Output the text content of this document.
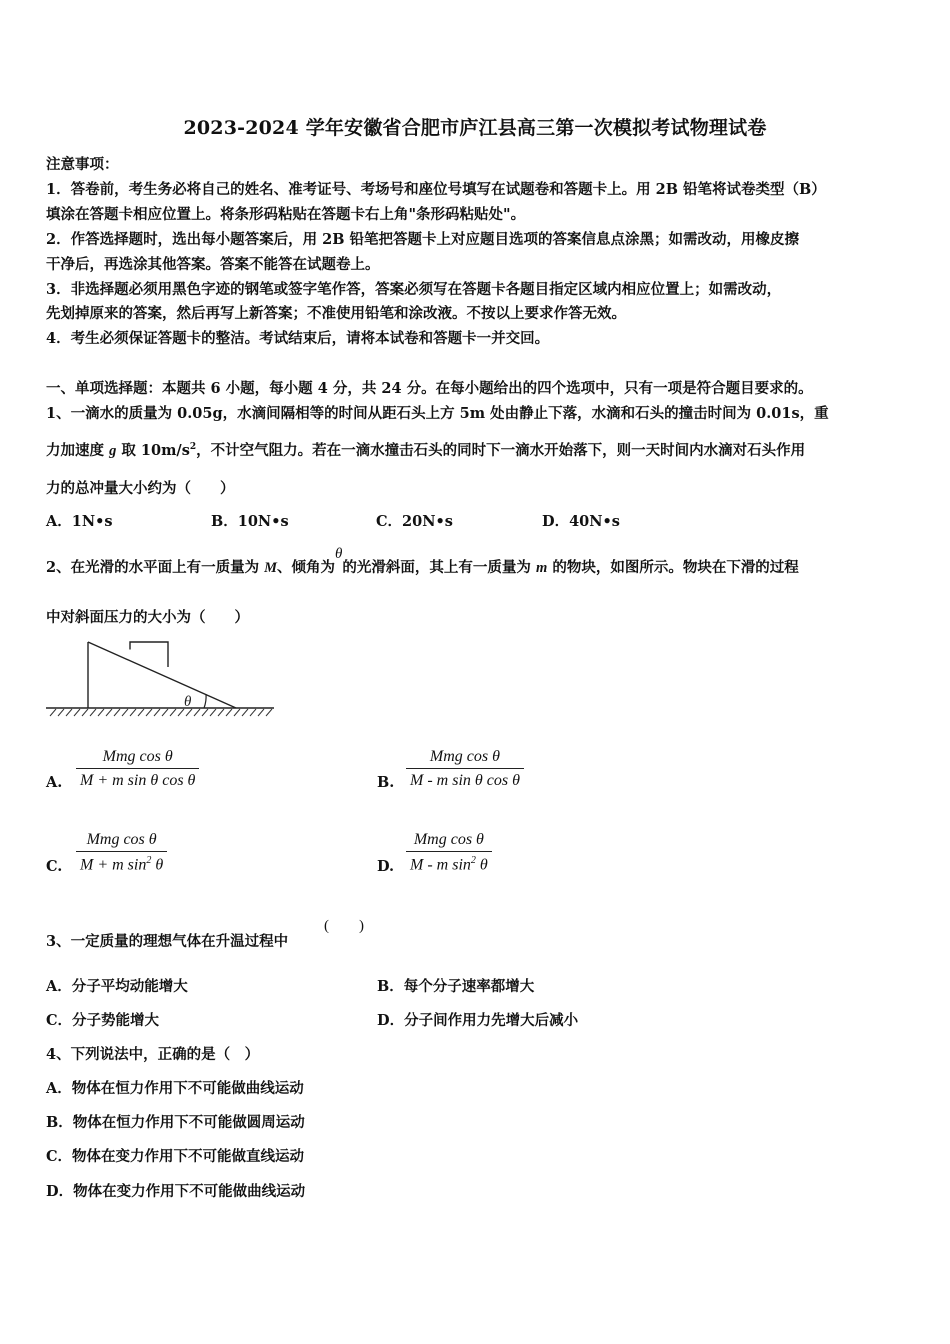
2023-2024 学年安徽省合肥市庐江县高三第一次模拟考试物理试卷
注意事项：
1．答卷前，考生务必将自己的姓名、准考证号、考场号和座位号填写在试题卷和答题卡上。用 2B 铅笔将试卷类型（B）
填涂在答题卡相应位置上。将条形码粘贴在答题卡右上角"条形码粘贴处"。
2．作答选择题时，选出每小题答案后，用 2B 铅笔把答题卡上对应题目选项的答案信息点涂黑；如需改动，用橡皮擦
干净后，再选涂其他答案。答案不能答在试题卷上。
3．非选择题必须用黑色字迹的钢笔或签字笔作答，答案必须写在答题卡各题目指定区域内相应位置上；如需改动，
先划掉原来的答案，然后再写上新答案；不准使用铅笔和涂改液。不按以上要求作答无效。
4．考生必须保证答题卡的整洁。考试结束后，请将本试卷和答题卡一并交回。
一、单项选择题：本题共 6 小题，每小题 4 分，共 24 分。在每小题给出的四个选项中，只有一项是符合题目要求的。
1、一滴水的质量为 0.05g，水滴间隔相等的时间从距石头上方 5m 处由静止下落，水滴和石头的撞击时间为 0.01s，重
力加速度 g 取 $10m/s^2$，不计空气阻力。若在一滴水撞击石头的同时下一滴水开始落下，则一天时间内水滴对石头作用
力的总冲量大小约为（　　）
A．1N•s	B．10N•s	C．20N•s	D．40N•s
2、在光滑的水平面上有一质量为 M、倾角为θ的光滑斜面，其上有一质量为 m 的物块，如图所示。物块在下滑的过程
中对斜面压力的大小为（　　）
θ
A.
Mmg cos θ
M + m sin θ cos θ	B.
Mmg cos θ
M - m sin θ cos θ
C.
Mmg cos θ
M + m $\sin^2 \theta$	D.
Mmg cos θ
M - m $\sin^2 \theta$
3、一定质量的理想气体在升温过程中
(　　)
A．分子平均动能增大	B．每个分子速率都增大
C．分子势能增大	D．分子间作用力先增大后减小
4、下列说法中，正确的是（　）
A．物体在恒力作用下不可能做曲线运动
B．物体在恒力作用下不可能做圆周运动
C．物体在变力作用下不可能做直线运动
D．物体在变力作用下不可能做曲线运动
